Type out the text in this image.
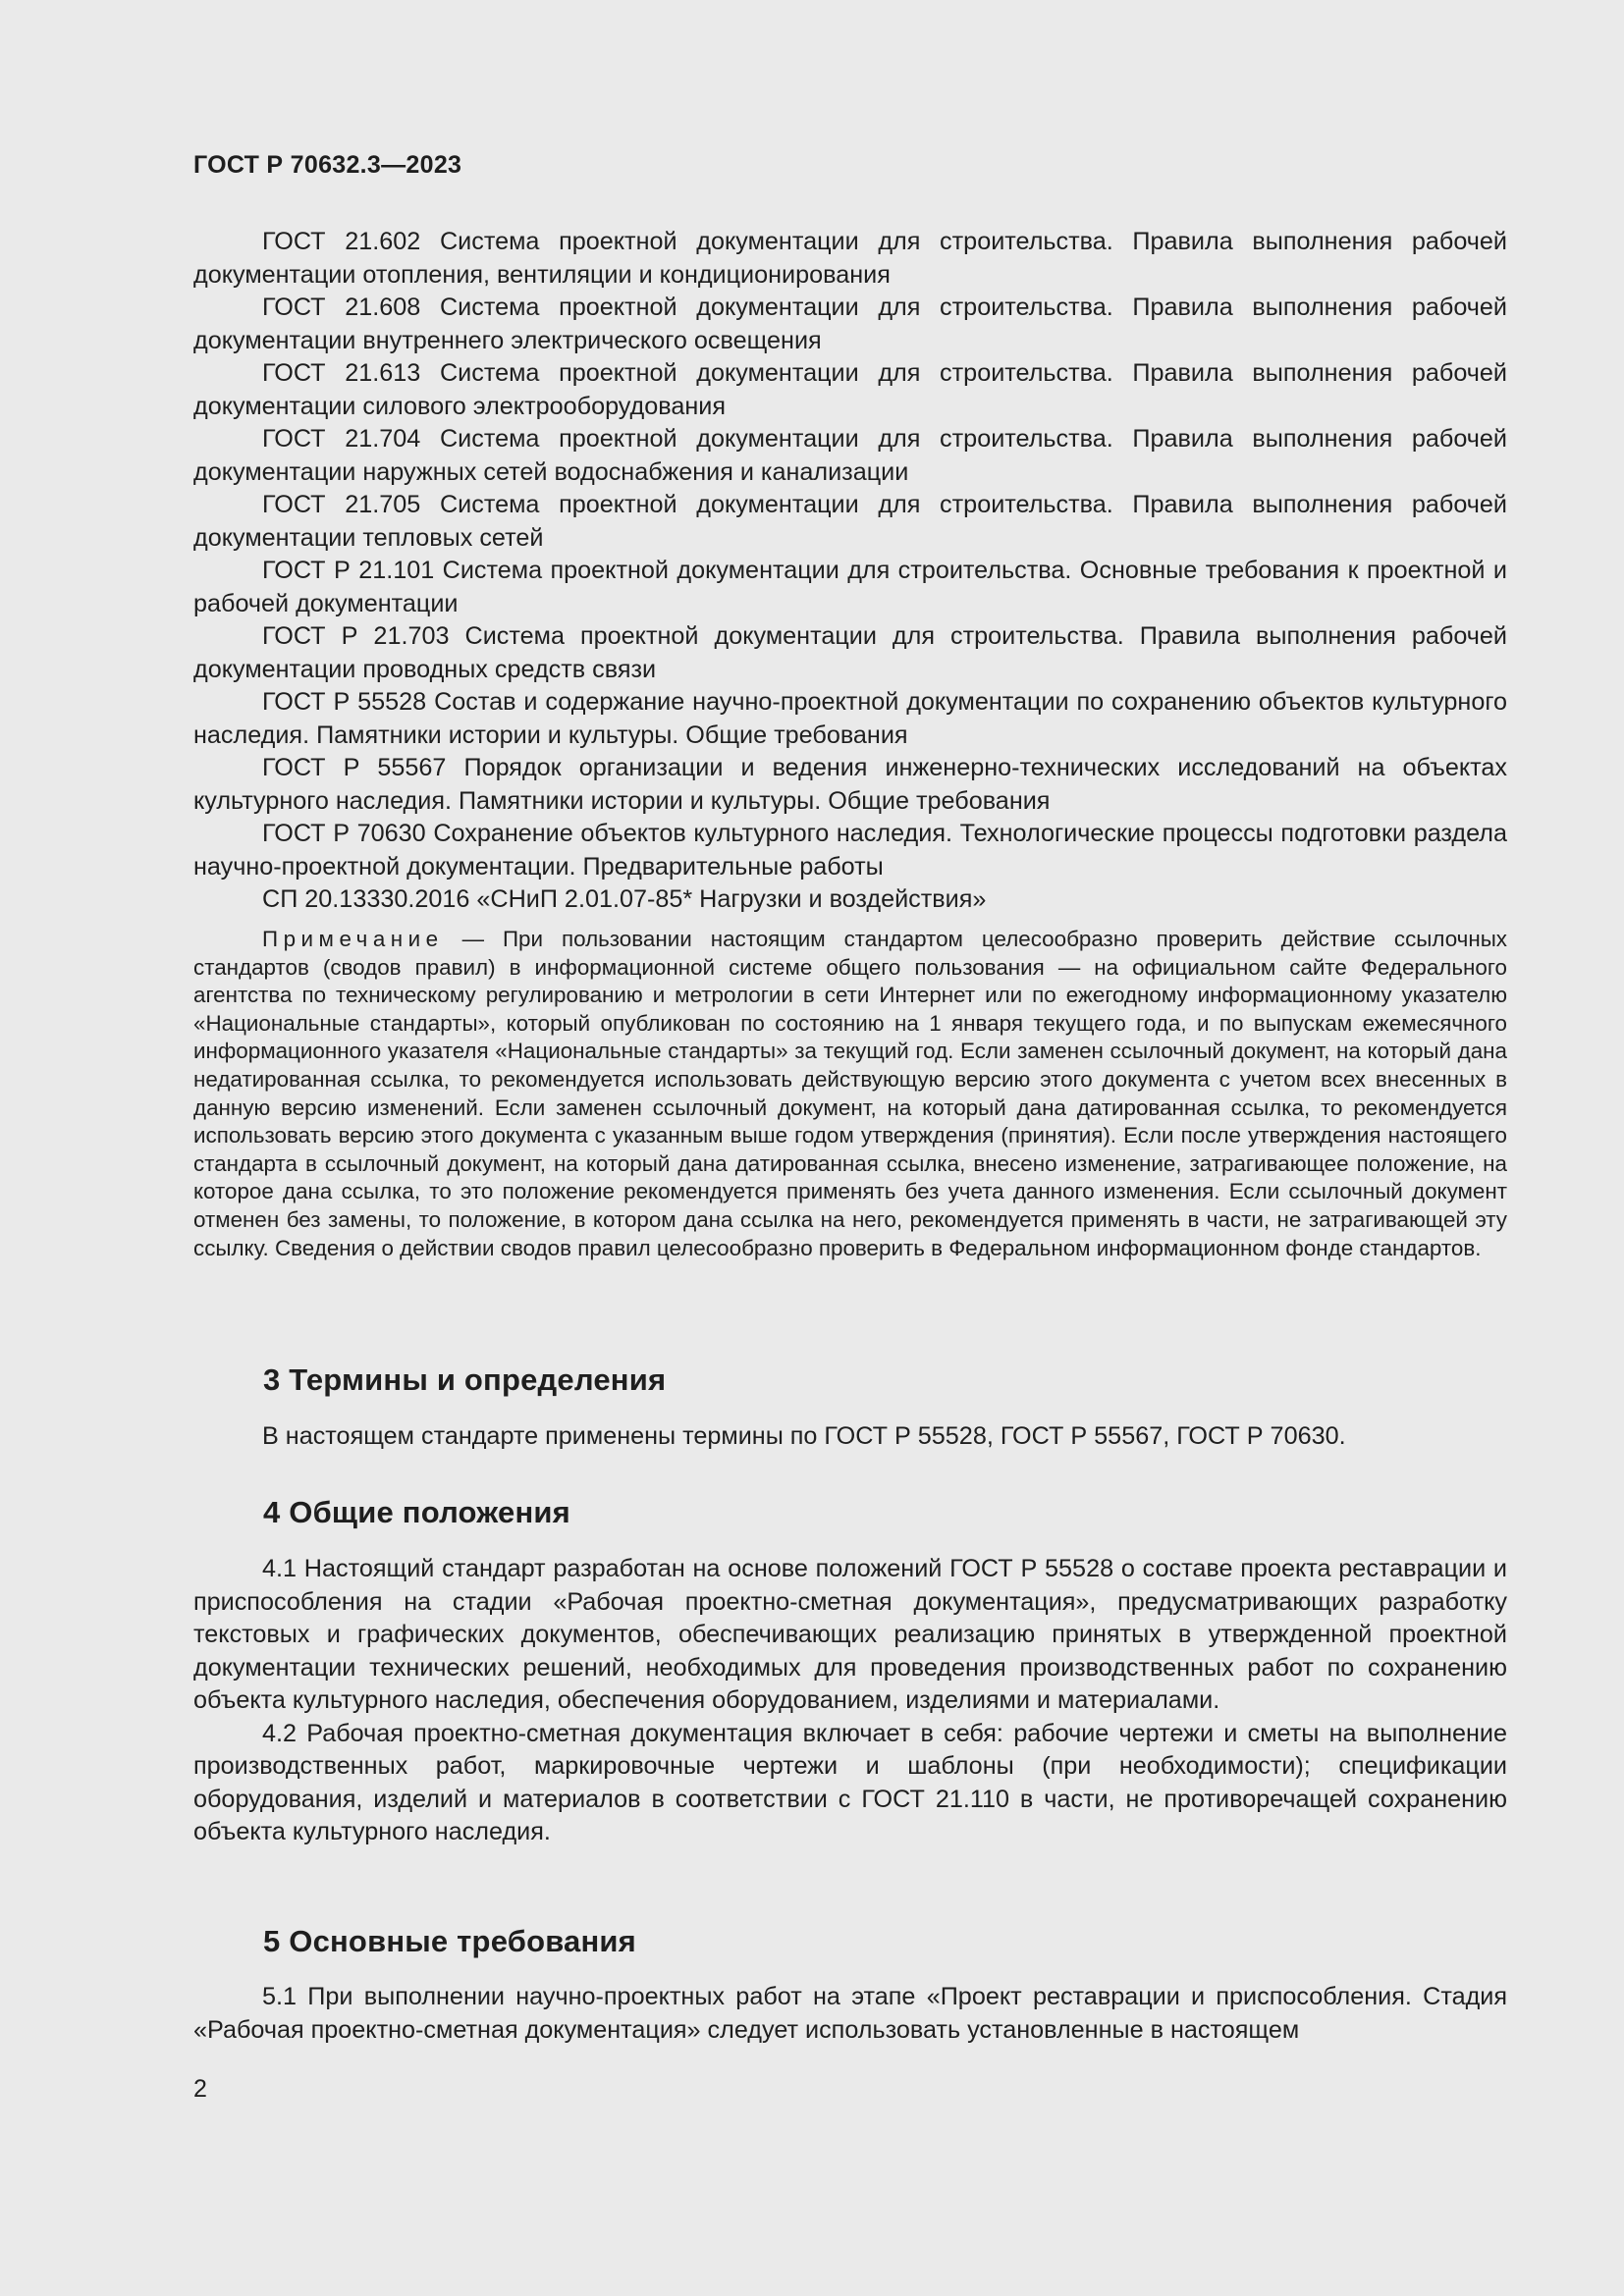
ГОСТ Р 70632.3—2023

ГОСТ 21.602 Система проектной документации для строительства. Правила выполнения рабочей документации отопления, вентиляции и кондиционирования

ГОСТ 21.608 Система проектной документации для строительства. Правила выполнения рабочей документации внутреннего электрического освещения

ГОСТ 21.613 Система проектной документации для строительства. Правила выполнения рабочей документации силового электрооборудования

ГОСТ 21.704 Система проектной документации для строительства. Правила выполнения рабочей документации наружных сетей водоснабжения и канализации

ГОСТ 21.705 Система проектной документации для строительства. Правила выполнения рабочей документации тепловых сетей

ГОСТ Р 21.101 Система проектной документации для строительства. Основные требования к проектной и рабочей документации

ГОСТ Р 21.703 Система проектной документации для строительства. Правила выполнения рабочей документации проводных средств связи

ГОСТ Р 55528 Состав и содержание научно-проектной документации по сохранению объектов культурного наследия. Памятники истории и культуры. Общие требования

ГОСТ Р 55567 Порядок организации и ведения инженерно-технических исследований на объектах культурного наследия. Памятники истории и культуры. Общие требования

ГОСТ Р 70630 Сохранение объектов культурного наследия. Технологические процессы подготовки раздела научно-проектной документации. Предварительные работы

СП 20.13330.2016 «СНиП 2.01.07-85* Нагрузки и воздействия»

Примечание — При пользовании настоящим стандартом целесообразно проверить действие ссылочных стандартов (сводов правил) в информационной системе общего пользования — на официальном сайте Федерального агентства по техническому регулированию и метрологии в сети Интернет или по ежегодному информационному указателю «Национальные стандарты», который опубликован по состоянию на 1 января текущего года, и по выпускам ежемесячного информационного указателя «Национальные стандарты» за текущий год. Если заменен ссылочный документ, на который дана недатированная ссылка, то рекомендуется использовать действующую версию этого документа с учетом всех внесенных в данную версию изменений. Если заменен ссылочный документ, на который дана датированная ссылка, то рекомендуется использовать версию этого документа с указанным выше годом утверждения (принятия). Если после утверждения настоящего стандарта в ссылочный документ, на который дана датированная ссылка, внесено изменение, затрагивающее положение, на которое дана ссылка, то это положение рекомендуется применять без учета данного изменения. Если ссылочный документ отменен без замены, то положение, в котором дана ссылка на него, рекомендуется применять в части, не затрагивающей эту ссылку. Сведения о действии сводов правил целесообразно проверить в Федеральном информационном фонде стандартов.

3 Термины и определения

В настоящем стандарте применены термины по ГОСТ Р 55528, ГОСТ Р 55567, ГОСТ Р 70630.

4 Общие положения

4.1 Настоящий стандарт разработан на основе положений ГОСТ Р 55528 о составе проекта реставрации и приспособления на стадии «Рабочая проектно-сметная документация», предусматривающих разработку текстовых и графических документов, обеспечивающих реализацию принятых в утвержденной проектной документации технических решений, необходимых для проведения производственных работ по сохранению объекта культурного наследия, обеспечения оборудованием, изделиями и материалами.

4.2 Рабочая проектно-сметная документация включает в себя: рабочие чертежи и сметы на выполнение производственных работ, маркировочные чертежи и шаблоны (при необходимости); спецификации оборудования, изделий и материалов в соответствии с ГОСТ 21.110 в части, не противоречащей сохранению объекта культурного наследия.

5 Основные требования

5.1 При выполнении научно-проектных работ на этапе «Проект реставрации и приспособления. Стадия «Рабочая проектно-сметная документация» следует использовать установленные в настоящем

2
